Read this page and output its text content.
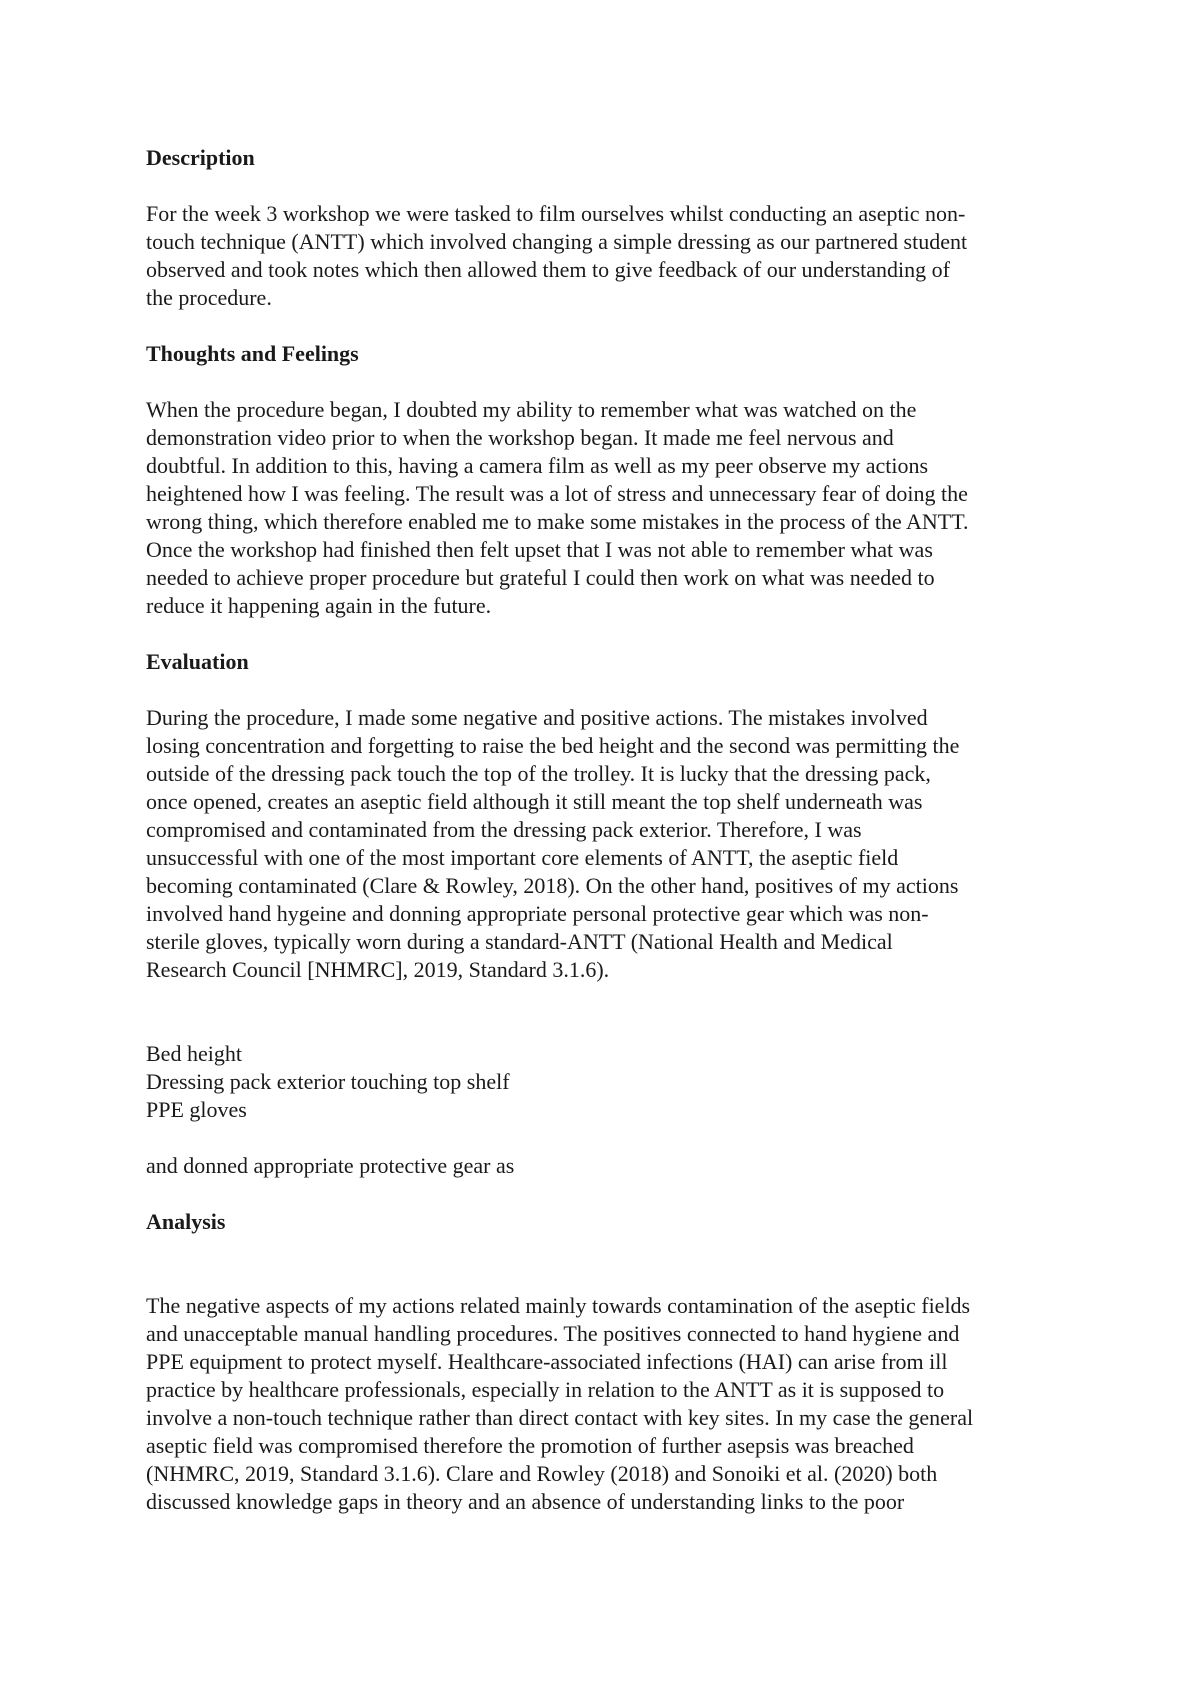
Description
For the week 3 workshop we were tasked to film ourselves whilst conducting an aseptic non-
touch technique (ANTT) which involved changing a simple dressing as our partnered student
observed and took notes which then allowed them to give feedback of our understanding of
the procedure.
Thoughts and Feelings
When the procedure began, I doubted my ability to remember what was watched on the
demonstration video prior to when the workshop began. It made me feel nervous and
doubtful. In addition to this, having a camera film as well as my peer observe my actions
heightened how I was feeling. The result was a lot of stress and unnecessary fear of doing the
wrong thing, which therefore enabled me to make some mistakes in the process of the ANTT.
Once the workshop had finished then felt upset that I was not able to remember what was
needed to achieve proper procedure but grateful I could then work on what was needed to
reduce it happening again in the future.
Evaluation
During the procedure, I made some negative and positive actions. The mistakes involved
losing concentration and forgetting to raise the bed height and the second was permitting the
outside of the dressing pack touch the top of the trolley. It is lucky that the dressing pack,
once opened, creates an aseptic field although it still meant the top shelf underneath was
compromised and contaminated from the dressing pack exterior. Therefore, I was
unsuccessful with one of the most important core elements of ANTT, the aseptic field
becoming contaminated (Clare & Rowley, 2018). On the other hand, positives of my actions
involved hand hygeine and donning appropriate personal protective gear which was non-
sterile gloves, typically worn during a standard-ANTT (National Health and Medical
Research Council [NHMRC], 2019, Standard 3.1.6).
Bed height
Dressing pack exterior touching top shelf
PPE gloves
and donned appropriate protective gear as
Analysis
The negative aspects of my actions related mainly towards contamination of the aseptic fields
and unacceptable manual handling procedures. The positives connected to hand hygiene and
PPE equipment to protect myself. Healthcare-associated infections (HAI) can arise from ill
practice by healthcare professionals, especially in relation to the ANTT as it is supposed to
involve a non-touch technique rather than direct contact with key sites. In my case the general
aseptic field was compromised therefore the promotion of further asepsis was breached
(NHMRC, 2019, Standard 3.1.6). Clare and Rowley (2018) and Sonoiki et al. (2020) both
discussed knowledge gaps in theory and an absence of understanding links to the poor
